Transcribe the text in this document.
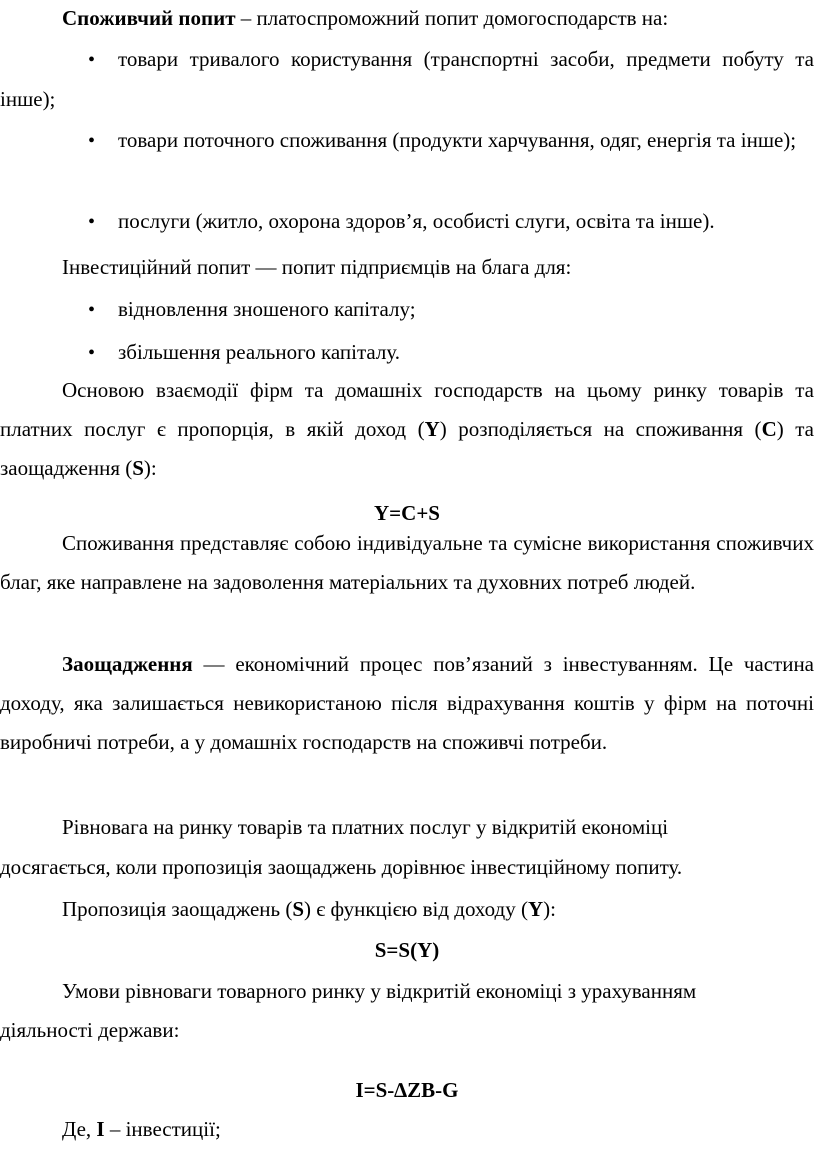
Споживчий попит – платоспроможний попит домогосподарств на:

•товари тривалого користування (транспортні засоби, предмети побуту та інше);

•товари поточного споживання (продукти харчування, одяг, енергія та інше);

•послуги (житло, охорона здоров’я, особисті слуги, освіта та інше).

Інвестиційний попит — попит підприємців на блага для:

•відновлення зношеного капіталу;

•збільшення реального капіталу.

Основою взаємодії фірм та домашніх господарств на цьому ринку товарів та платних послуг є пропорція, в якій доход (Y) розподіляється на споживання (C) та заощадження (S):

Y=C+S

Споживання представляє собою індивідуальне та сумісне використання споживчих благ, яке направлене на задоволення матеріальних та духовних потреб людей.

Заощадження — економічний процес пов’язаний з інвестуванням. Це частина доходу, яка залишається невикористаною після відрахування коштів у фірм на поточні виробничі потреби, а у домашніх господарств на споживчі потреби.

Рівновага на ринку товарів та платних послуг у відкритій економіці

досягається, коли пропозиція заощаджень дорівнює інвестиційному попиту.

Пропозиція заощаджень (S) є функцією від доходу (Y):

S=S(Y)

Умови рівноваги товарного ринку у відкритій економіці з урахуванням

діяльності держави:

I=S-∆ZB-G

Де, I – інвестиції;
